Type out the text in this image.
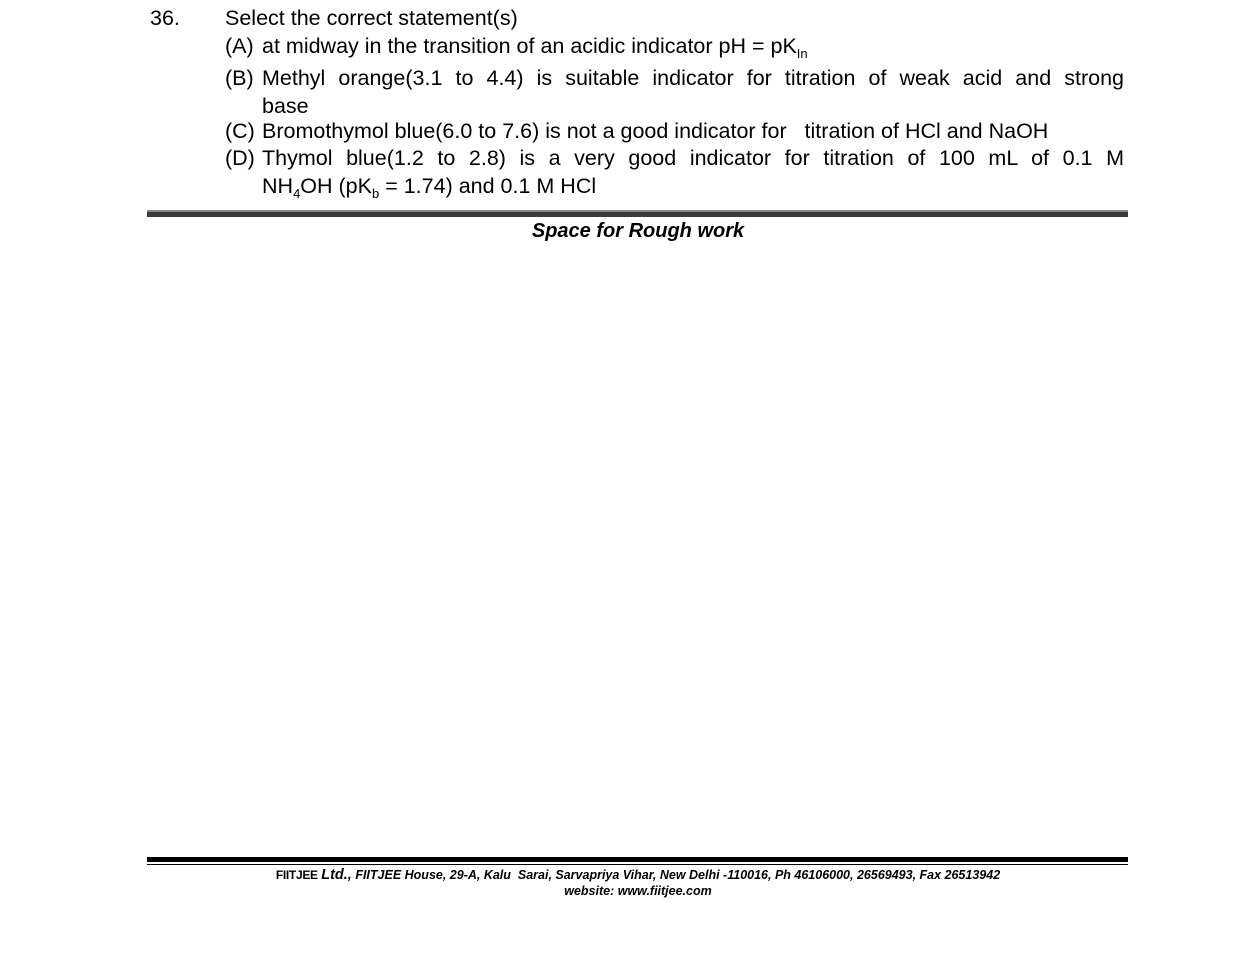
36. Select the correct statement(s)
(A) at midway in the transition of an acidic indicator pH = $pK_{In}$
(B) Methyl orange(3.1 to 4.4) is suitable indicator for titration of weak acid and strong
base
(C) Bromothymol blue(6.0 to 7.6) is not a good indicator for   titration of HCl and NaOH
(D) Thymol blue(1.2 to 2.8) is a very good indicator for titration of 100 mL of 0.1 M
$NH_4OH$ $(pK_b = 1.74)$ and 0.1 M HCl
Space for Rough work
FIITJEE Ltd., FIITJEE House, 29-A, Kalu  Sarai, Sarvapriya Vihar, New Delhi -110016, Ph 46106000, 26569493, Fax 26513942
website: www.fiitjee.com
